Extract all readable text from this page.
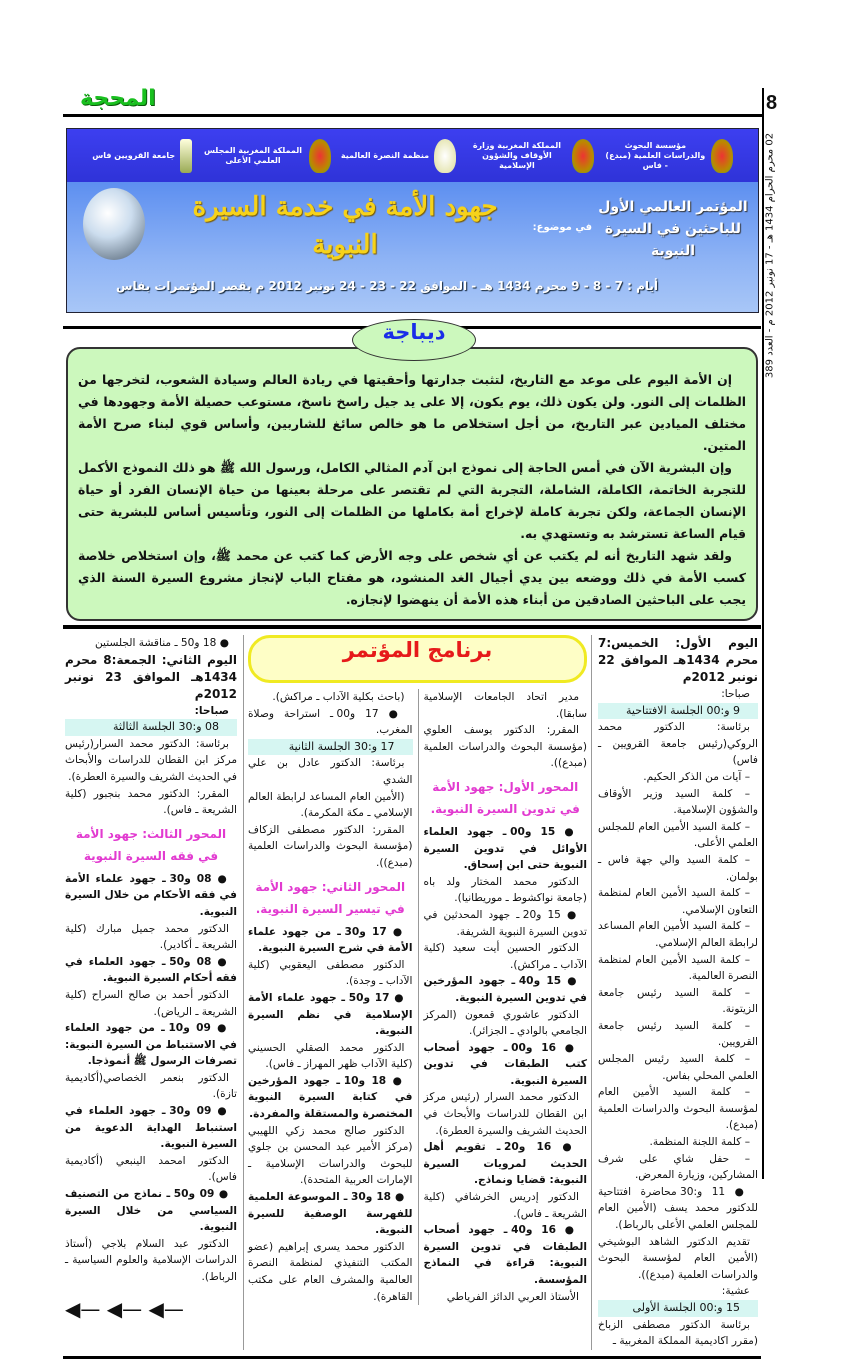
8
المحجة
02 محرم الحرام 1434 هـ - 17 نونبر 2012 م - العدد 389
مؤسسة البحوث والدراسات العلمية (مبدع) - فاس
المملكة المغربية وزارة الأوقاف والشؤون الإسلامية
منظمة النصرة العالمية
المملكة المغربية المجلس العلمي الأعلى
جامعة القرويين فاس
المؤتمر العالمي الأول للباحثين في السيرة النبوية
في موضوع:
جهود الأمة في خدمة السيرة النبوية
أيام : 7 - 8 - 9 محرم 1434 هـ - الموافق 22 - 23 - 24 نونبر 2012 م بقصر المؤتمرات بفاس
ديباجة

إن الأمة اليوم على موعد مع التاريخ، لتثبت جدارتها وأحقيتها في ريادة العالم وسيادة الشعوب، لتخرجها من الظلمات إلى النور. ولن يكون ذلك، يوم يكون، إلا على يد جيل راسخ ناسخ، مستوعب حصيلة الأمة وجهودها في مختلف الميادين عبر التاريخ، من أجل استخلاص ما هو خالص سائغ للشاربين، وأساس قوي لبناء صرح الأمة المتين.

وإن البشرية الآن في أمس الحاجة إلى نموذج ابن آدم المثالي الكامل، ورسول الله ﷺ هو ذلك النموذج الأكمل للتجربة الخاتمة، الكاملة، الشاملة، التجربة التي لم تقتصر على مرحلة بعينها من حياة الإنسان الفرد أو حياة الإنسان الجماعة، ولكن تجربة كاملة لإخراج أمة بكاملها من الظلمات إلى النور، وتأسيس أساس للبشرية حتى قيام الساعة تسترشد به وتستهدي به.

ولقد شهد التاريخ أنه لم يكتب عن أي شخص على وجه الأرض كما كتب عن محمد ﷺ، وإن استخلاص خلاصة كسب الأمة في ذلك ووضعه بين يدي أجيال الغد المنشود، هو مفتاح الباب لإنجاز مشروع السيرة السنة الذي يجب على الباحثين الصادقين من أبناء هذه الأمة أن ينهضوا لإنجازه.

اليوم الأول: الخميس:7 محرم 1434هـ الموافق 22 نونبر 2012م
صباحا:
9 و:00 الجلسة الافتتاحية
برئاسة: الدكتور محمد الروكي(رئيس جامعة القرويين ـ فاس)
– آيات من الذكر الحكيم.
– كلمة السيد وزير الأوقاف والشؤون الإسلامية.
– كلمة السيد الأمين العام للمجلس العلمي الأعلى.
– كلمة السيد والي جهة فاس ـ بولمان.
– كلمة السيد الأمين العام لمنظمة التعاون الإسلامي.
– كلمة السيد الأمين العام المساعد لرابطة العالم الإسلامي.
– كلمة السيد الأمين العام لمنظمة النصرة العالمية.
– كلمة السيد رئيس جامعة الزيتونة.
– كلمة السيد رئيس جامعة القرويين.
– كلمة السيد رئيس المجلس العلمي المحلي بفاس.
– كلمة السيد الأمين العام لمؤسسة البحوث والدراسات العلمية (مبدع).
– كلمة اللجنة المنظمة.
– حفل شاي على شرف المشاركين، وزيارة المعرض.
● 11 و:30 محاضرة افتتاحية للدكتور محمد يسف (الأمين العام للمجلس العلمي الأعلى بالرباط).
تقديم الدكتور الشاهد البوشيخي (الأمين العام لمؤسسة البحوث والدراسات العلمية (مبدع)).
عشية:
15 و:00 الجلسة الأولى
برئاسة الدكتور مصطفى الزباخ (مقرر اكاديمية المملكة المغربية ـ
برنامج المؤتمر
مدير اتحاد الجامعات الإسلامية سابقا).
المقرر: الدكتور يوسف العلوي (مؤسسة البحوث والدراسات العلمية (مبدع)).
المحور الأول: جهود الأمة في تدوين السيرة النبوية.
● 15 و00 ـ جهود العلماء الأوائل في تدوين السيرة النبوية حتى ابن إسحاق.
الدكتور محمد المختار ولد باه (جامعة نواكشوط ـ موريطانيا).
● 15 و20 ـ جهود المحدثين في تدوين السيرة النبوية الشريفة.
الدكتور الحسين أيت سعيد (كلية الآداب ـ مراكش).
● 15 و40 ـ جهود المؤرخين في تدوين السيرة النبوية.
الدكتور عاشوري قمعون (المركز الجامعي بالوادي ـ الجزائر).
● 16 و00 ـ جهود أصحاب كتب الطبقات في تدوين السيرة النبوية.
الدكتور محمد السرار (رئيس مركز ابن القطان للدراسات والأبحاث في الحديث الشريف والسيرة العطرة).
● 16 و20 ـ تقويم أهل الحديث لمرويات السيرة النبوية: قضايا ونماذج.
الدكتور إدريس الخرشافي (كلية الشريعة ـ فاس).
● 16 و40 ـ جهود أصحاب الطبقات في تدوين السيرة النبوية: قراءة في النماذج المؤسسة.
الأستاذ العربي الدائز الفرياطي
(باحث بكلية الآداب ـ مراكش).
● 17 و00 ـ استراحة وصلاة المغرب.
17 و:30 الجلسة الثانية
برئاسة: الدكتور عادل بن علي الشدي
(الأمين العام المساعد لرابطة العالم الإسلامي ـ مكة المكرمة).
المقرر: الدكتور مصطفى الزكاف (مؤسسة البحوث والدراسات العلمية (مبدع)).
المحور الثاني: جهود الأمة في تيسير السيرة النبوية.
● 17 و30 ـ من جهود علماء الأمة في شرح السيرة النبوية.
الدكتور مصطفى اليعقوبي (كلية الآداب ـ وجدة).
● 17 و50 ـ جهود علماء الأمة الإسلامية في نظم السيرة النبوية.
الدكتور محمد الصقلي الحسيني (كلية الآداب ظهر المهراز ـ فاس).
● 18 و10 ـ جهود المؤرخين في كتابة السيرة النبوية المختصرة والمستقلة والمفردة.
الدكتور صالح محمد زكي اللهيبي (مركز الأمير عبد المحسن بن جلوي للبحوث والدراسات الإسلامية ـ الإمارات العربية المتحدة).
● 18 و30 ـ الموسوعة العلمية للفهرسة الوصفية للسيرة النبوية.
الدكتور محمد يسرى إبراهيم (عضو المكتب التنفيذي لمنظمة النصرة العالمية والمشرف العام على مكتب القاهرة).
● 18 و50 ـ مناقشة الجلستين
اليوم الثاني: الجمعة:8 محرم 1434هـ الموافق 23 نونبر 2012م
صباحا:
08 و:30 الجلسة الثالثة
برئاسة: الدكتور محمد السرار(رئيس مركز ابن القطان للدراسات والأبحاث في الحديث الشريف والسيرة العطرة).
المقرر: الدكتور محمد بنجبور (كلية الشريعة ـ فاس).
المحور الثالث: جهود الأمة في فقه السيرة النبوية
● 08 و30 ـ جهود علماء الأمة في فقه الأحكام من خلال السيرة النبوية.
الدكتور محمد جميل مبارك (كلية الشريعة ـ أكادير).
● 08 و50 ـ جهود العلماء في فقه أحكام السيرة النبوية.
الدكتور أحمد بن صالح السراح (كلية الشريعة ـ الرياض).
● 09 و10 ـ من جهود العلماء في الاستنباط من السيرة النبوية: تصرفات الرسول ﷺ أنموذجا.
الدكتور بنعمر الخصاصي(أكاديمية تازة).
● 09 و30 ـ جهود العلماء في استنباط الهداية الدعوية من السيرة النبوية.
الدكتور امحمد الينبعي (أكاديمية فاس).
● 09 و50 ـ نماذج من التصنيف السياسي من خلال السيرة النبوية.
الدكتور عبد السلام بلاجي (أستاذ الدراسات الإسلامية والعلوم السياسية ـ الرباط).
◀— ◀— ◀—
